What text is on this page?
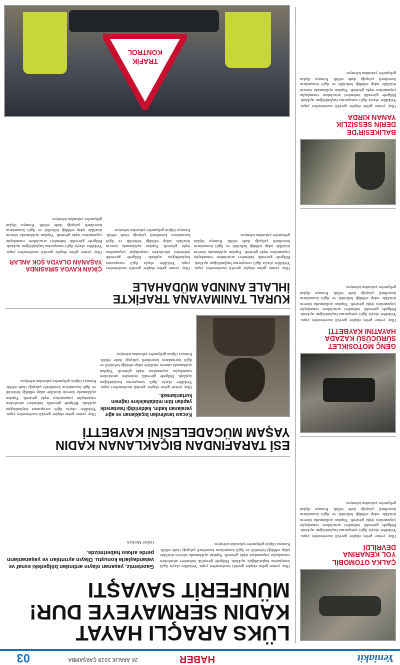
Yeniakit
HABER
26 ARALIK 2018 ÇARŞAMBA
03
ÇALKA OTOMOBİL
YOL KENARINA
DEVRİLDİ
Olay yerine gelen ekipler gerekli incelemeleri yaptı. Yetkililer olayla ilgili soruşturma başlatıldığını açıkladı. Bölgede güvenlik önlemleri artırılırken vatandaşlar yaşananlara tepki gösterdi. Yapılan açıklamada sürecin titizlikle takip edildiği belirtildi ve ilgili kurumların koordineli çalıştığı ifade edildi. Konuya ilişkin gelişmeler yakından izleniyor.
GENÇ MOTOSİKLET
SÜRÜCÜSÜ KAZADA
HAYATINI KAYBETTİ
Olay yerine gelen ekipler gerekli incelemeleri yaptı. Yetkililer olayla ilgili soruşturma başlatıldığını açıkladı. Bölgede güvenlik önlemleri artırılırken vatandaşlar yaşananlara tepki gösterdi. Yapılan açıklamada sürecin titizlikle takip edildiği belirtildi ve ilgili kurumların koordineli çalıştığı ifade edildi. Konuya ilişkin gelişmeler yakından izleniyor.
BALIKESİR'DE
DERİN SESSİZLİK
YANAN KIRDA
Olay yerine gelen ekipler gerekli incelemeleri yaptı. Yetkililer olayla ilgili soruşturma başlatıldığını açıkladı. Bölgede güvenlik önlemleri artırılırken vatandaşlar yaşananlara tepki gösterdi. Yapılan açıklamada sürecin titizlikle takip edildiği belirtildi ve ilgili kurumların koordineli çalıştığı ifade edildi. Konuya ilişkin gelişmeler yakından izleniyor.
LÜKS ARAÇLI HAYAT
KADIN SERMAYEYE DUR!
MÜNFERİT SAVAŞTI
Olay yerine gelen ekipler gerekli incelemeleri yaptı. Yetkililer olayla ilgili soruşturma başlatıldığını açıkladı. Bölgede güvenlik önlemleri artırılırken vatandaşlar yaşananlara tepki gösterdi. Yapılan açıklamada sürecin titizlikle takip edildiği belirtildi ve ilgili kurumların koordineli çalıştığı ifade edildi. Konuya ilişkin gelişmeler yakından izleniyor.
Gazetemiz, yaşanan olayın ardından bölgedeki esnaf ve vatandaşlarla konuştu. Olayın ayrıntıları ve yaşananların perde arkası haberimizde.
Haber Merkezi
ESİ TARAFINDAN BIÇAKLANAN KADIN
YAŞAM MÜCADELESİNİ KAYBETTİ
Kocası tarafından bıçaklanan ve ağır yaralanan kadın, kaldırıldığı hastanede yapılan tüm müdahalelere rağmen kurtarılamadı.
Olay yerine gelen ekipler gerekli incelemeleri yaptı. Yetkililer olayla ilgili soruşturma başlatıldığını açıkladı. Bölgede güvenlik önlemleri artırılırken vatandaşlar yaşananlara tepki gösterdi. Yapılan açıklamada sürecin titizlikle takip edildiği belirtildi ve ilgili kurumların koordineli çalıştığı ifade edildi. Konuya ilişkin gelişmeler yakından izleniyor.
Olay yerine gelen ekipler gerekli incelemeleri yaptı. Yetkililer olayla ilgili soruşturma başlatıldığını açıkladı. Bölgede güvenlik önlemleri artırılırken vatandaşlar yaşananlara tepki gösterdi. Yapılan açıklamada sürecin titizlikle takip edildiği belirtildi ve ilgili kurumların koordineli çalıştığı ifade edildi. Konuya ilişkin gelişmeler yakından izleniyor.
KURAL TANIMAYANA TRAFİKTE
İHLALE ANINDA MÜDAHALE
Olay yerine gelen ekipler gerekli incelemeleri yaptı. Yetkililer olayla ilgili soruşturma başlatıldığını açıkladı. Bölgede güvenlik önlemleri artırılırken vatandaşlar yaşananlara tepki gösterdi. Yapılan açıklamada sürecin titizlikle takip edildiği belirtildi ve ilgili kurumların koordineli çalıştığı ifade edildi. Konuya ilişkin gelişmeler yakından izleniyor.
Olay yerine gelen ekipler gerekli incelemeleri yaptı. Yetkililer olayla ilgili soruşturma başlatıldığını açıkladı. Bölgede güvenlik önlemleri artırılırken vatandaşlar yaşananlara tepki gösterdi. Yapılan açıklamada sürecin titizlikle takip edildiği belirtildi ve ilgili kurumların koordineli çalıştığı ifade edildi. Konuya ilişkin gelişmeler yakından izleniyor.
ÇİKAN KAVGA SIRASINDA
YAŞANAN OLAYDA ŞOK ANLAR
Olay yerine gelen ekipler gerekli incelemeleri yaptı. Yetkililer olayla ilgili soruşturma başlatıldığını açıkladı. Bölgede güvenlik önlemleri artırılırken vatandaşlar yaşananlara tepki gösterdi. Yapılan açıklamada sürecin titizlikle takip edildiği belirtildi ve ilgili kurumların koordineli çalıştığı ifade edildi. Konuya ilişkin gelişmeler yakından izleniyor.
TRAFİK
KONTROL
